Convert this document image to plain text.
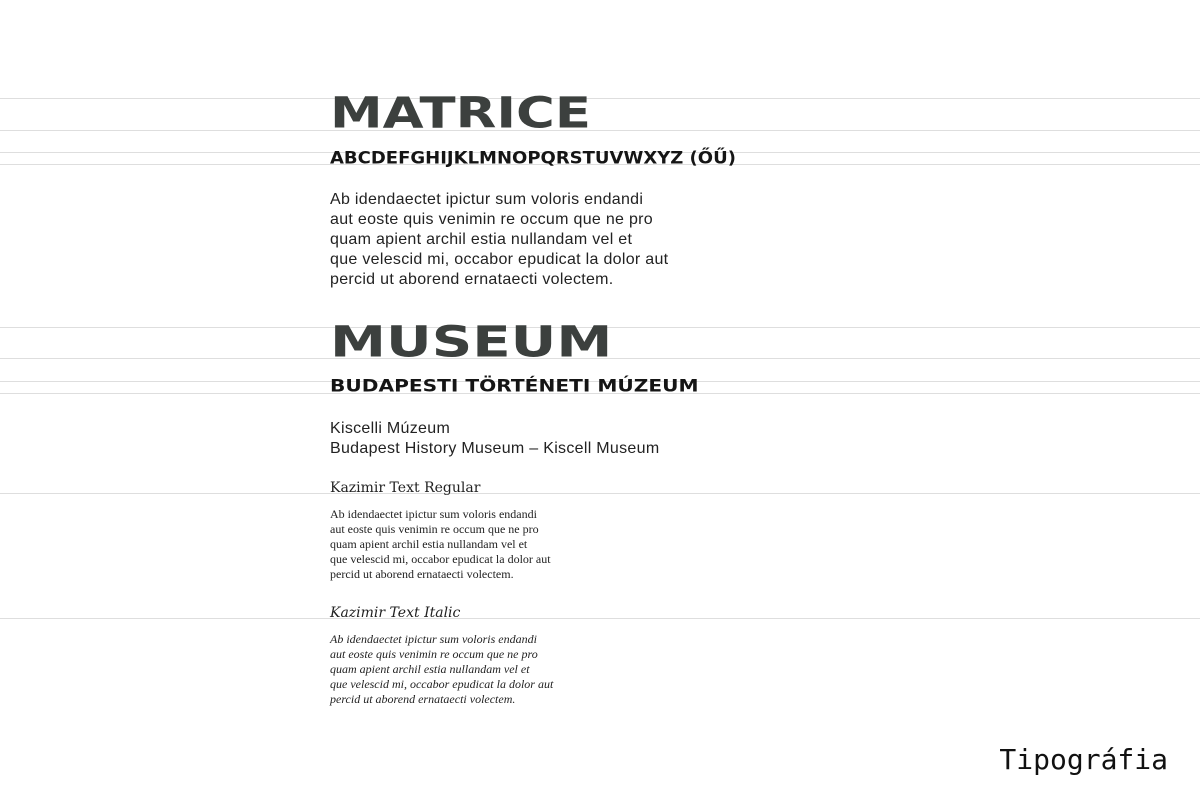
MATRICE
ABCDEFGHIJKLMNOPQRSTUVWXYZ (ŐŰ)
Ab idendaectet ipictur sum voloris endandi
aut eoste quis venimin re occum que ne pro
quam apient archil estia nullandam vel et
que velescid mi, occabor epudicat la dolor aut
percid ut aborend ernataecti volectem.
MUSEUM
BUDAPESTI TÖRTÉNETI MÚZEUM
Kiscelli Múzeum
Budapest History Museum – Kiscell Museum
Kazimir Text Regular
Ab idendaectet ipictur sum voloris endandi
aut eoste quis venimin re occum que ne pro
quam apient archil estia nullandam vel et
que velescid mi, occabor epudicat la dolor aut
percid ut aborend ernataecti volectem.
Kazimir Text Italic
Ab idendaectet ipictur sum voloris endandi
aut eoste quis venimin re occum que ne pro
quam apient archil estia nullandam vel et
que velescid mi, occabor epudicat la dolor aut
percid ut aborend ernataecti volectem.

Tipográfia
